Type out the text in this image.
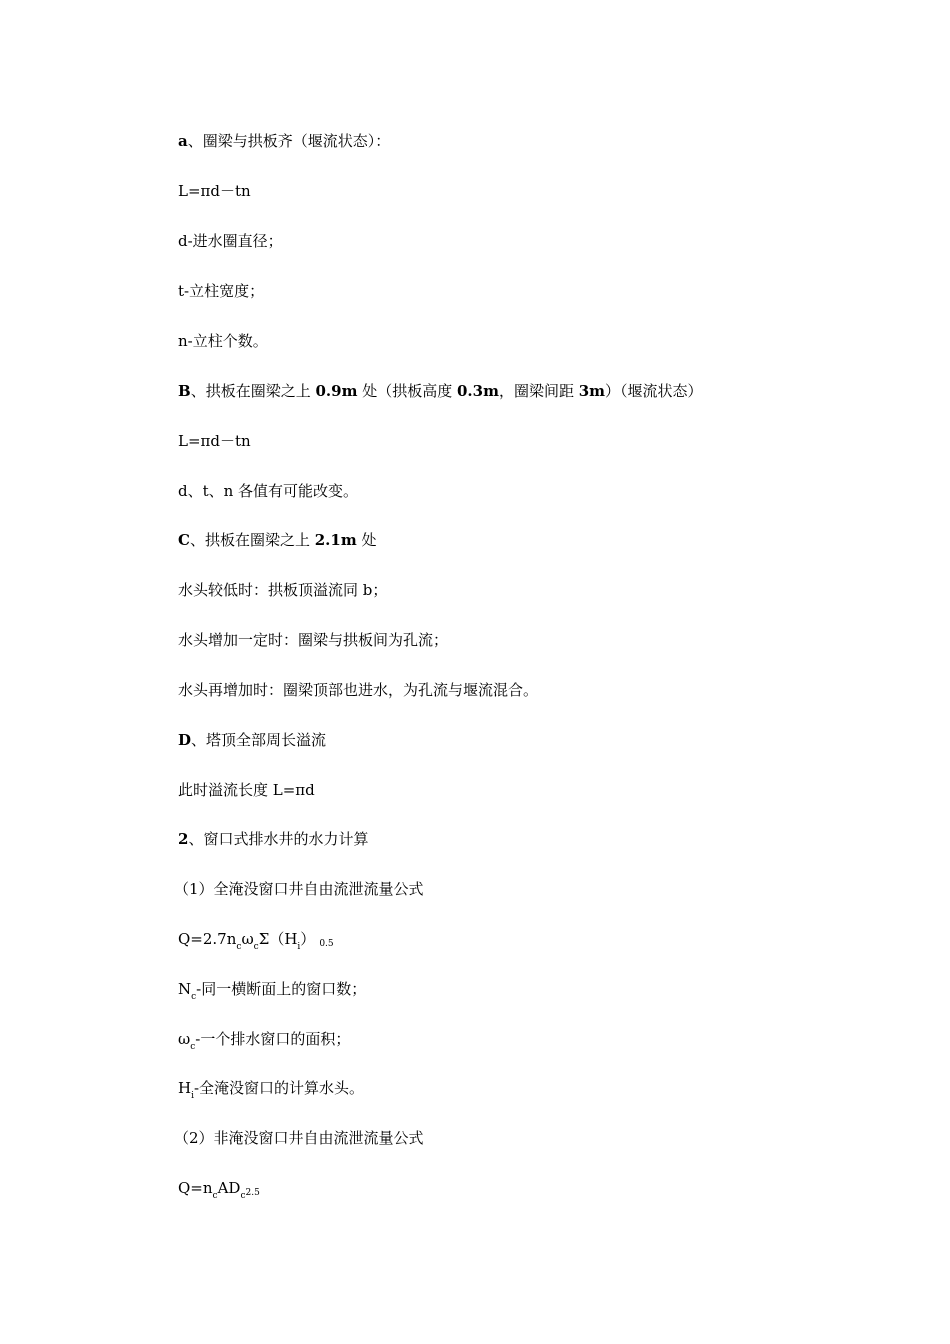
a、圈梁与拱板齐（堰流状态）：
L=πd－tn
d-进水圈直径；
t-立柱宽度；
n-立柱个数。
B、拱板在圈梁之上 0.9m 处（拱板高度 0.3m，圈梁间距 3m）（堰流状态）
L=πd－tn
d、t、n 各值有可能改变。
C、拱板在圈梁之上 2.1m 处
水头较低时：拱板顶溢流同 b；
水头增加一定时：圈梁与拱板间为孔流；
水头再增加时：圈梁顶部也进水，为孔流与堰流混合。
D、塔顶全部周长溢流
此时溢流长度 L=πd
2、窗口式排水井的水力计算
（1）全淹没窗口井自由流泄流量公式
$Q=2.7n_c\omega_c\Sigma(H_i)$ $^{0.5}$
$N_c-$同一横断面上的窗口数；
$\omega_c-$一个排水窗口的面积；
$H_i-$全淹没窗口的计算水头。
（2）非淹没窗口井自由流泄流量公式
$Q=n_cAD_c^{2.5}$
